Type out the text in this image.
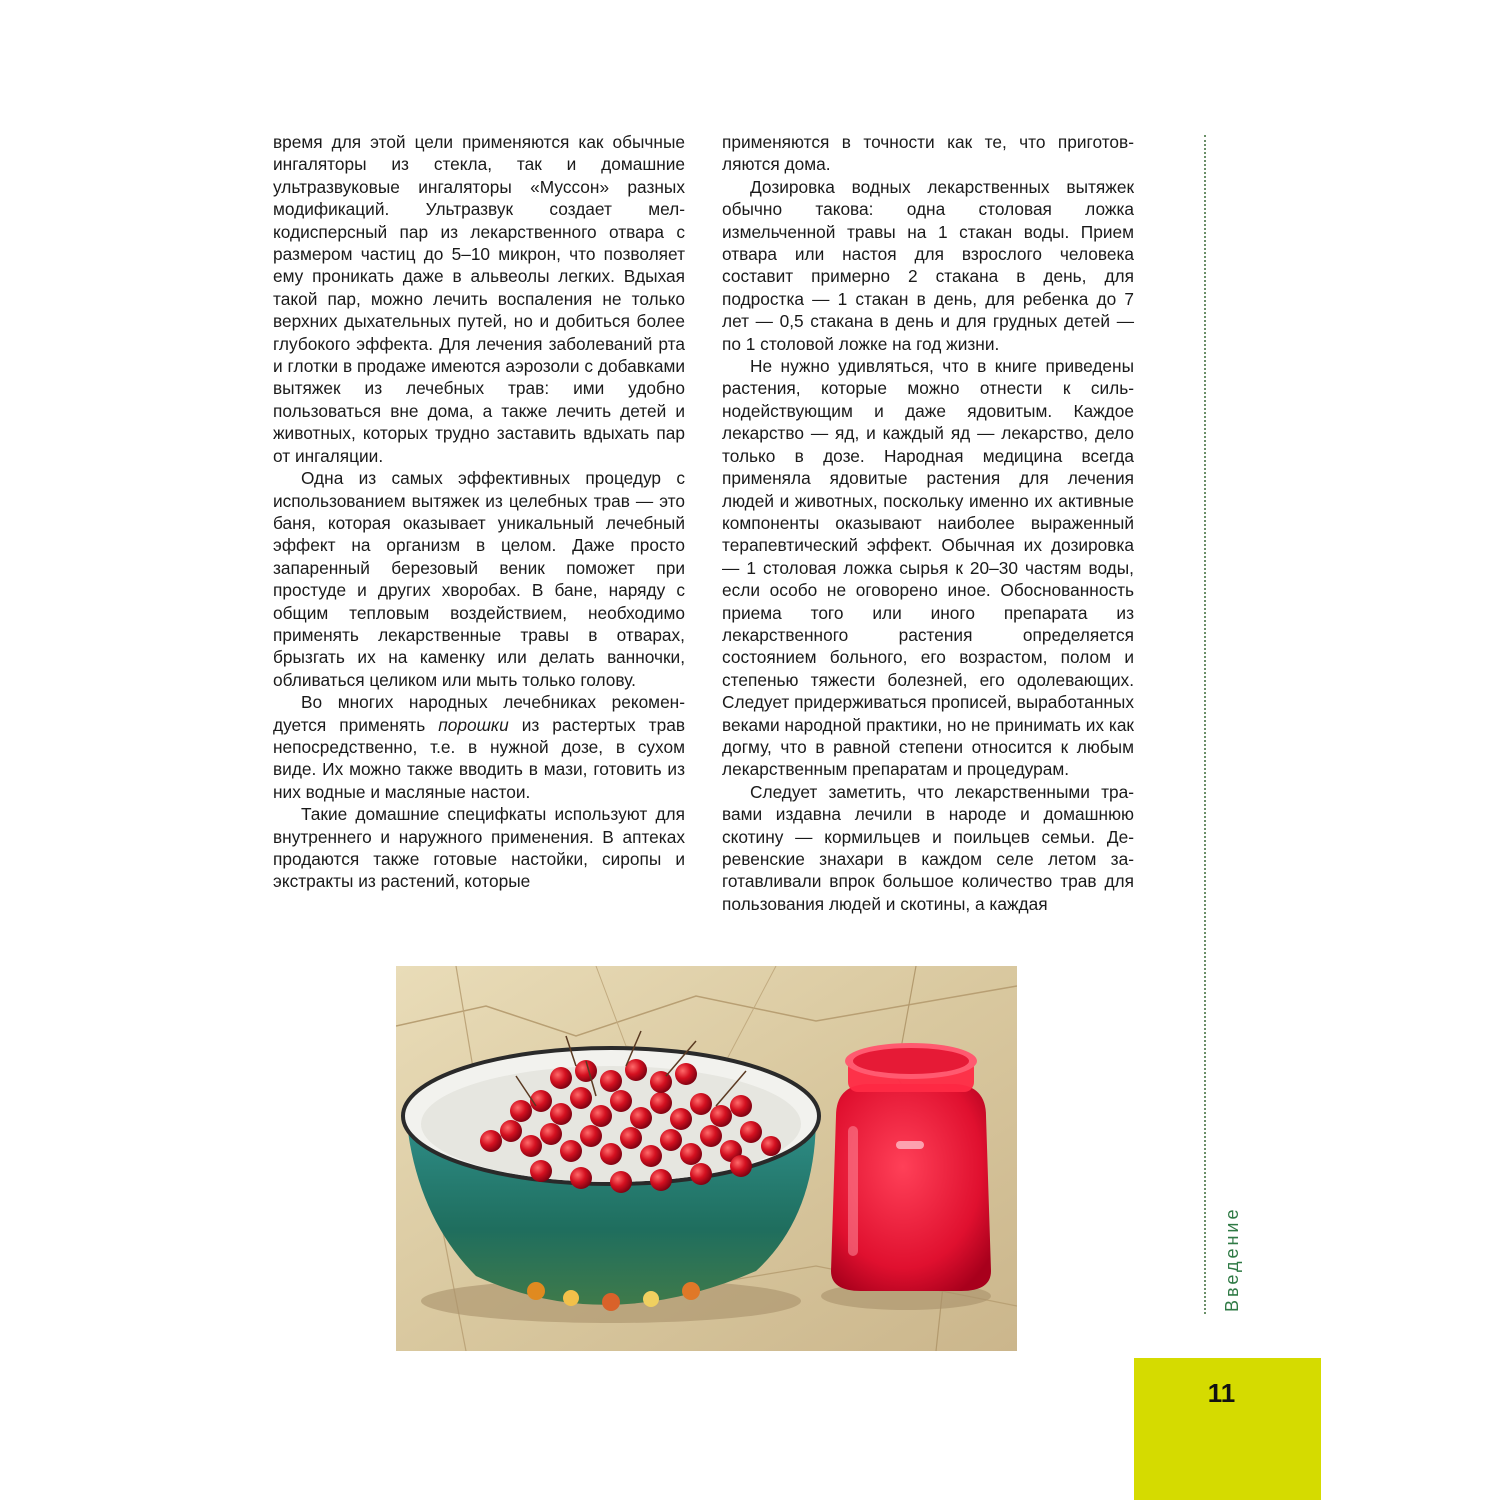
время для этой цели применяются как обычные ингаляторы из стекла, так и домашние ультразвуковые ингаляторы «Муссон» разных модификаций. Ультразвук создает мелкодисперсный пар из лекарственного отвара с размером частиц до 5–10 микрон, что позволяет ему проникать даже в альвеолы легких. Вдыхая такой пар, можно лечить воспаления не только верхних дыхательных путей, но и добиться более глубокого эффекта. Для лечения заболеваний рта и глотки в продаже имеются аэрозоли с добавками вытяжек из лечебных трав: ими удобно пользоваться вне дома, а также лечить детей и животных, которых трудно заставить вдыхать пар от ингаляции.

Одна из самых эффективных процедур с использованием вытяжек из целебных трав — это баня, которая оказывает уникальный лечебный эффект на организм в целом. Даже просто запаренный березовый веник поможет при простуде и других хворобах. В бане, наряду с общим тепловым воздействием, необходимо применять лекарственные травы в отварах, брызгать их на каменку или делать ванночки, обливаться целиком или мыть только голову.

Во многих народных лечебниках рекомендуется применять порошки из растертых трав непосредственно, т.е. в нужной дозе, в сухом виде. Их можно также вводить в мази, готовить из них водные и масляные настои.

Такие домашние специфкаты используют для внутреннего и наружного применения. В аптеках продаются также готовые настойки, сиропы и экстракты из растений, которые

применяются в точности как те, что приготовляются дома.

Дозировка водных лекарственных вытяжек обычно такова: одна столовая ложка измельченной травы на 1 стакан воды. Прием отвара или настоя для взрослого человека составит примерно 2 стакана в день, для подростка — 1 стакан в день, для ребенка до 7 лет — 0,5 стакана в день и для грудных детей — по 1 столовой ложке на год жизни.

Не нужно удивляться, что в книге приведены растения, которые можно отнести к сильнодействующим и даже ядовитым. Каждое лекарство — яд, и каждый яд — лекарство, дело только в дозе. Народная медицина всегда применяла ядовитые растения для лечения людей и животных, поскольку именно их активные компоненты оказывают наиболее выраженный терапевтический эффект. Обычная их дозировка — 1 столовая ложка сырья к 20–30 частям воды, если особо не оговорено иное. Обоснованность приема того или иного препарата из лекарственного растения определяется состоянием больного, его возрастом, полом и степенью тяжести болезней, его одолевающих. Следует придерживаться прописей, выработанных веками народной практики, но не принимать их как догму, что в равной степени относится к любым лекарственным препаратам и процедурам.

Следует заметить, что лекарственными травами издавна лечили в народе и домашнюю скотину — кормильцев и поильцев семьи. Деревенские знахари в каждом селе летом заготавливали впрок большое количество трав для пользования людей и скотины, а каждая

Введение
11
